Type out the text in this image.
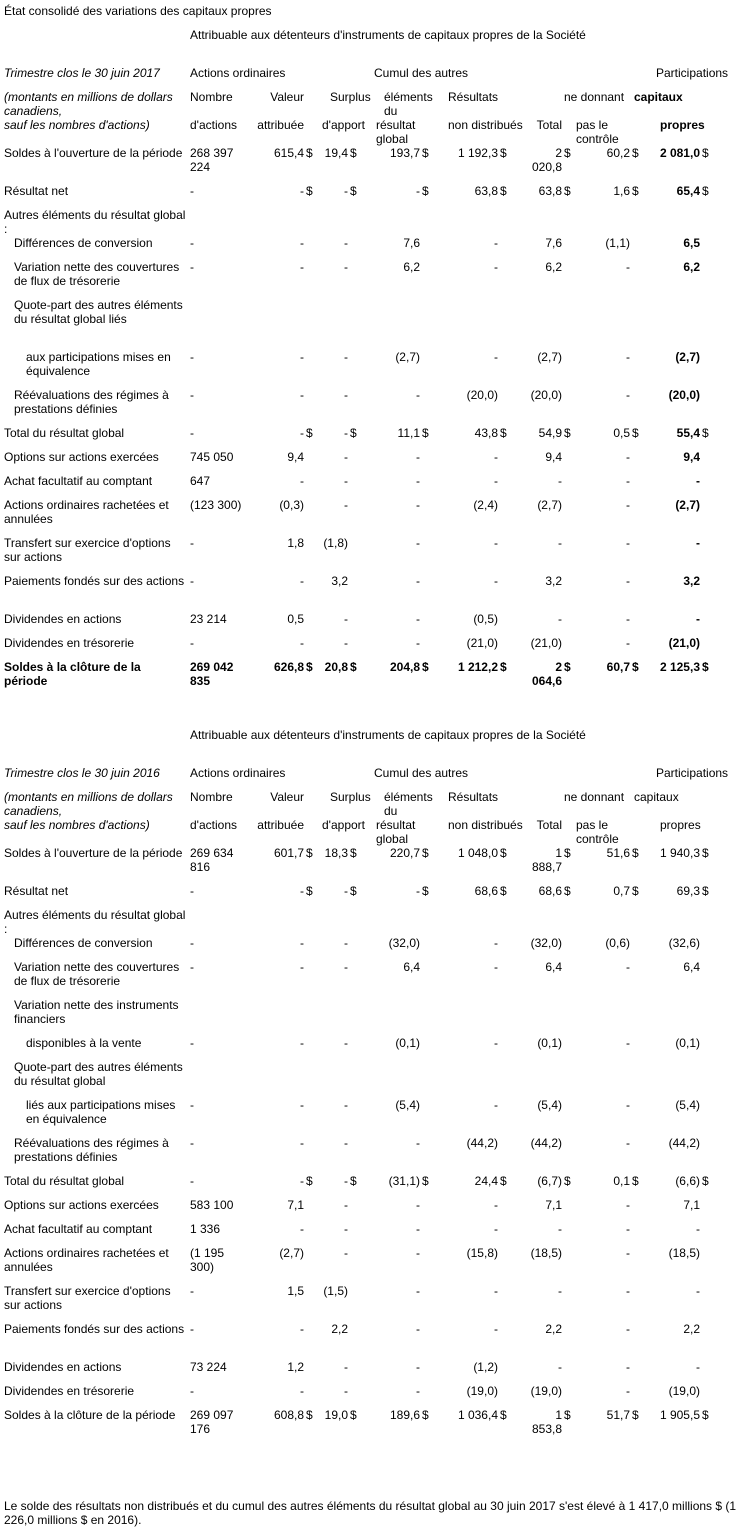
État consolidé des variations des capitaux propres
	Attribuable aux détenteurs d'instruments de capitaux propres de la Société														
Trimestre clos le 30 juin 2017	Actions ordinaires					Cumul des autres								Participations	
(montants en millions de dollars canadiens,	Nombre	Valeur		Surplus		éléments du		Résultats		ne donnant			capitaux		
sauf les nombres d'actions)	d'actions	attribuée		d'apport		résultat global		non distribués		Total	pas le contrôle			propres	
Soldes à l'ouverture de la période	268 397 224	615,4	$	19,4	$	193,7	$	1 192,3	$	2 020,8	$	60,2	$	2 081,0	$
Résultat net	-	-	$	-	$	-	$	63,8	$	63,8	$	1,6	$	65,4	$
Autres éléments du résultat global :															
Différences de conversion	-	-		-		7,6		-		7,6		(1,1)		6,5	
Variation nette des couvertures de flux de trésorerie	-	-		-		6,2		-		6,2		-		6,2	
Quote-part des autres éléments du résultat global liés															
aux participations mises en équivalence	-	-		-		(2,7)		-		(2,7)		-		(2,7)	
Réévaluations des régimes à prestations définies	-	-		-		-		(20,0)		(20,0)		-		(20,0)	
Total du résultat global	-	-	$	-	$	11,1	$	43,8	$	54,9	$	0,5	$	55,4	$
Options sur actions exercées	745 050	9,4		-		-		-		9,4		-		9,4	
Achat facultatif au comptant	647	-		-		-		-		-		-		-	
Actions ordinaires rachetées et annulées	(123 300)	(0,3)		-		-		(2,4)		(2,7)		-		(2,7)	
Transfert sur exercice d'options sur actions	-	1,8		(1,8)		-		-		-		-		-	
Paiements fondés sur des actions	-	-		3,2		-		-		3,2		-		3,2	
Dividendes en actions	23 214	0,5		-		-		(0,5)		-		-		-	
Dividendes en trésorerie	-	-		-		-		(21,0)		(21,0)		-		(21,0)	
Soldes à la clôture de la période	269 042 835	626,8	$	20,8	$	204,8	$	1 212,2	$	2 064,6	$	60,7	$	2 125,3	$
	Attribuable aux détenteurs d'instruments de capitaux propres de la Société														
Trimestre clos le 30 juin 2016	Actions ordinaires					Cumul des autres								Participations	
(montants en millions de dollars canadiens,	Nombre	Valeur		Surplus		éléments du		Résultats		ne donnant			capitaux		
sauf les nombres d'actions)	d'actions	attribuée		d'apport		résultat global		non distribués		Total	pas le contrôle			propres	
Soldes à l'ouverture de la période	269 634 816	601,7	$	18,3	$	220,7	$	1 048,0	$	1 888,7	$	51,6	$	1 940,3	$
Résultat net	-	-	$	-	$	-	$	68,6	$	68,6	$	0,7	$	69,3	$
Autres éléments du résultat global :															
Différences de conversion	-	-		-		(32,0)		-		(32,0)		(0,6)		(32,6)	
Variation nette des couvertures de flux de trésorerie	-	-		-		6,4		-		6,4		-		6,4	
Variation nette des instruments financiers															
disponibles à la vente	-	-		-		(0,1)		-		(0,1)		-		(0,1)	
Quote-part des autres éléments du résultat global															
liés aux participations mises en équivalence	-	-		-		(5,4)		-		(5,4)		-		(5,4)	
Réévaluations des régimes à prestations définies	-	-		-		-		(44,2)		(44,2)		-		(44,2)	
Total du résultat global	-	-	$	-	$	(31,1)	$	24,4	$	(6,7)	$	0,1	$	(6,6)	$
Options sur actions exercées	583 100	7,1		-		-		-		7,1		-		7,1	
Achat facultatif au comptant	1 336	-		-		-		-		-		-		-	
Actions ordinaires rachetées et annulées	(1 195 300)	(2,7)		-		-		(15,8)		(18,5)		-		(18,5)	
Transfert sur exercice d'options sur actions	-	1,5		(1,5)		-		-		-		-		-	
Paiements fondés sur des actions	-	-		2,2		-		-		2,2		-		2,2	
Dividendes en actions	73 224	1,2		-		-		(1,2)		-		-		-	
Dividendes en trésorerie	-	-		-		-		(19,0)		(19,0)		-		(19,0)	
Soldes à la clôture de la période	269 097 176	608,8	$	19,0	$	189,6	$	1 036,4	$	1 853,8	$	51,7	$	1 905,5	$
Le solde des résultats non distribués et du cumul des autres éléments du résultat global au 30 juin 2017 s'est élevé à 1 417,0 millions $ (1 226,0 millions $ en 2016).
